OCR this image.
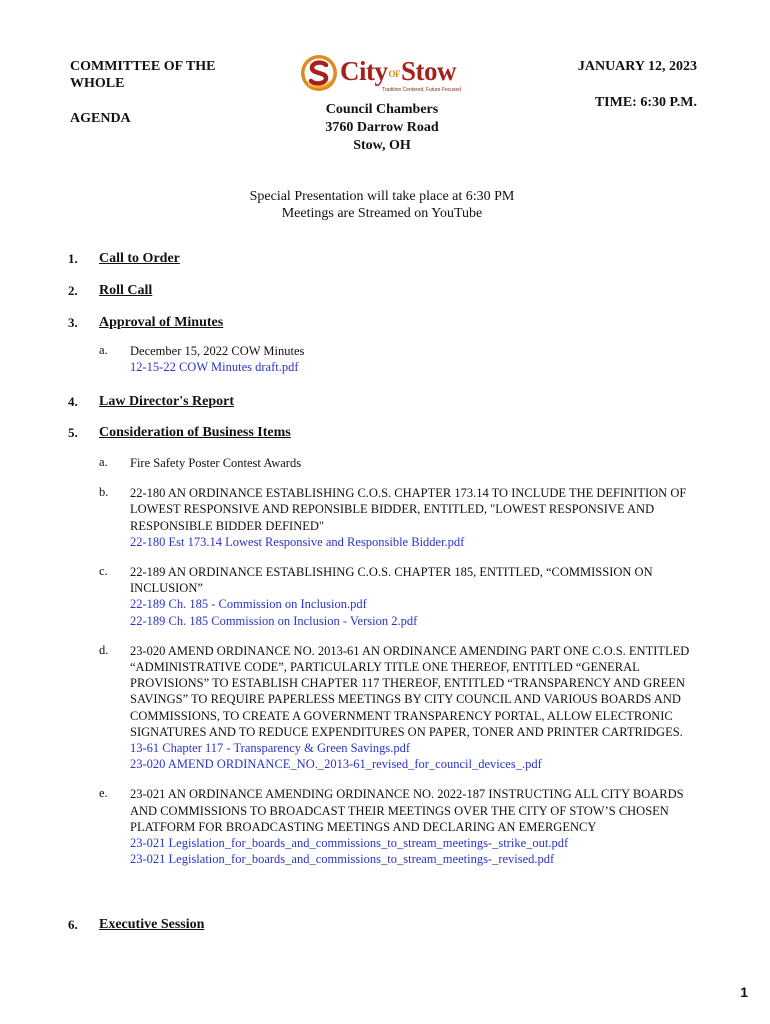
COMMITTEE OF THE
WHOLE
AGENDA
CityOFStow
Tradition Centered, Future Focused
JANUARY 12, 2023
TIME: 6:30 P.M.
Council Chambers
3760 Darrow Road
Stow, OH
Special Presentation will take place at 6:30 PM
Meetings are Streamed on YouTube
1. Call to Order
2. Roll Call
3. Approval of Minutes
a. December 15, 2022 COW Minutes
12-15-22 COW Minutes draft.pdf
4. Law Director's Report
5. Consideration of Business Items
a. Fire Safety Poster Contest Awards
b. 22-180 AN ORDINANCE ESTABLISHING C.O.S. CHAPTER 173.14 TO INCLUDE THE DEFINITION OF LOWEST RESPONSIVE AND REPONSIBLE BIDDER, ENTITLED, "LOWEST RESPONSIVE AND RESPONSIBLE BIDDER DEFINED"
22-180 Est 173.14 Lowest Responsive and Responsible Bidder.pdf
c. 22-189 AN ORDINANCE ESTABLISHING C.O.S. CHAPTER 185, ENTITLED, “COMMISSION ON INCLUSION”
22-189 Ch. 185 - Commission on Inclusion.pdf
22-189 Ch. 185 Commission on Inclusion - Version 2.pdf
d. 23-020 AMEND ORDINANCE NO. 2013-61 AN ORDINANCE AMENDING PART ONE C.O.S. ENTITLED “ADMINISTRATIVE CODE”, PARTICULARLY TITLE ONE THEREOF, ENTITLED “GENERAL PROVISIONS” TO ESTABLISH CHAPTER 117 THEREOF, ENTITLED “TRANSPARENCY AND GREEN SAVINGS” TO REQUIRE PAPERLESS MEETINGS BY CITY COUNCIL AND VARIOUS BOARDS AND COMMISSIONS, TO CREATE A GOVERNMENT TRANSPARENCY PORTAL, ALLOW ELECTRONIC SIGNATURES AND TO REDUCE EXPENDITURES ON PAPER, TONER AND PRINTER CARTRIDGES.
13-61 Chapter 117 - Transparency & Green Savings.pdf
23-020 AMEND ORDINANCE_NO._2013-61_revised_for_council_devices_.pdf
e. 23-021 AN ORDINANCE AMENDING ORDINANCE NO. 2022-187 INSTRUCTING ALL CITY BOARDS AND COMMISSIONS TO BROADCAST THEIR MEETINGS OVER THE CITY OF STOW’S CHOSEN PLATFORM FOR BROADCASTING MEETINGS AND DECLARING AN EMERGENCY
23-021 Legislation_for_boards_and_commissions_to_stream_meetings-_strike_out.pdf
23-021 Legislation_for_boards_and_commissions_to_stream_meetings-_revised.pdf
6. Executive Session
1
